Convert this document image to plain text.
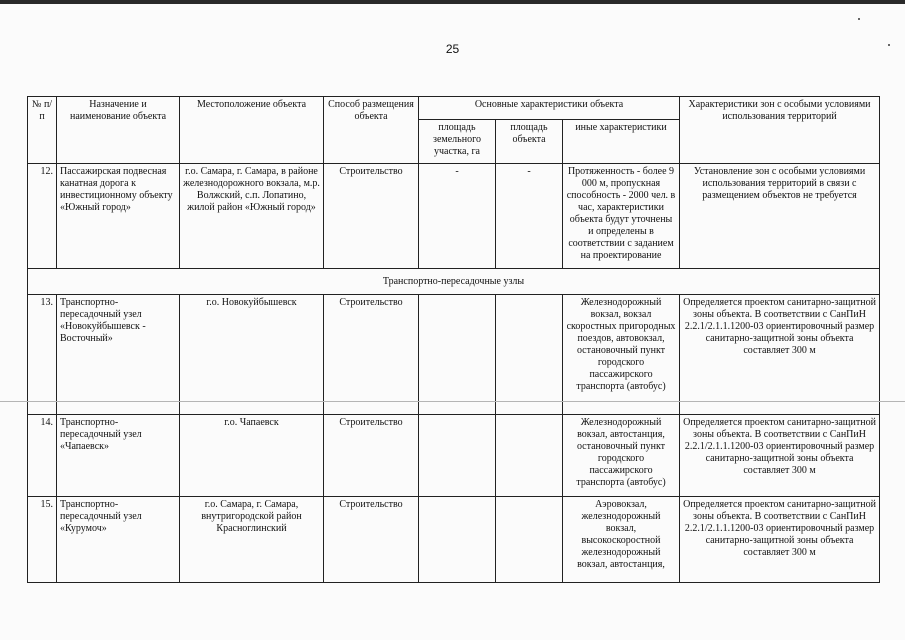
25
№ п/п	Назначение и наименование объекта	Местоположение объекта	Способ размещения объекта	Основные характеристики объекта			Характеристики зон с особыми условиями использования территорий
				площадь земельного участка, га	площадь объекта	иные характеристики	
12.	Пассажирская подвесная канатная дорога к инвестиционному объекту «Южный город»	г.о. Самара, г. Самара, в районе железнодорожного вокзала, м.р. Волжский, с.п. Лопатино, жилой район «Южный город»	Строительство	-	-	Протяженность - более 9 000 м, пропускная способность - 2000 чел. в час, характеристики объекта будут уточнены и определены в соответствии с заданием на проектирование	Установление зон с особыми условиями использования территорий в связи с размещением объектов не требуется
Транспортно-пересадочные узлы							
13.	Транспортно-пересадочный узел «Новокуйбышевск - Восточный»	г.о. Новокуйбышевск	Строительство			Железнодорожный вокзал, вокзал скоростных пригородных поездов, автовокзал, остановочный пункт городского пассажирского транспорта (автобус)	Определяется проектом санитарно-защитной зоны объекта. В соответствии с СанПиН 2.2.1/2.1.1.1200-03 ориентировочный размер санитарно-защитной зоны объекта составляет 300 м
14.	Транспортно-пересадочный узел «Чапаевск»	г.о. Чапаевск	Строительство			Железнодорожный вокзал, автостанция, остановочный пункт городского пассажирского транспорта (автобус)	Определяется проектом санитарно-защитной зоны объекта. В соответствии с СанПиН 2.2.1/2.1.1.1200-03 ориентировочный размер санитарно-защитной зоны объекта составляет 300 м
15.	Транспортно-пересадочный узел «Курумоч»	г.о. Самара, г. Самара, внутригородской район Красноглинский	Строительство			Аэровокзал, железнодорожный вокзал, высокоскоростной железнодорожный вокзал, автостанция,	Определяется проектом санитарно-защитной зоны объекта. В соответствии с СанПиН 2.2.1/2.1.1.1200-03 ориентировочный размер санитарно-защитной зоны объекта составляет 300 м
